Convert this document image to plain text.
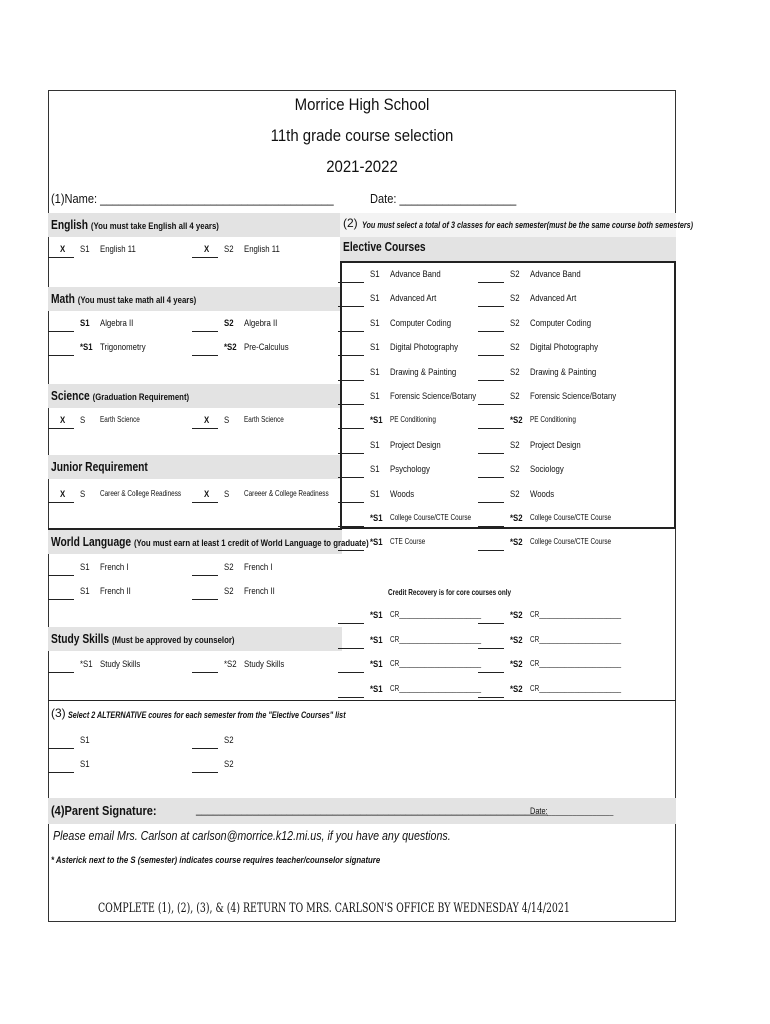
Morrice High School
11th grade course selection
2021-2022
(1)Name: ______________________________________	Date: ___________________
English (You must take English all 4 years)
X S1 English 11	X S2 English 11
Math (You must take math all 4 years)
S1 Algebra II	S2 Algebra II
*S1 Trigonometry	*S2 Pre-Calculus
Science (Graduation Requirement)
X S Earth Science	X S Earth Science
Junior Requirement
X S Career & College Readiness X S Careeer & College Readiness
World Language (You must earn at least 1 credit of World Language to graduate)
S1 French I	S2 French I
S1 French II	S2 French II
Study Skills (Must be approved by counselor)
*S1 Study Skills	*S2 Study Skills
(2) You must select a total of 3 classes for each semester(must be the same course both semesters)
Elective Courses
S1 Advance Band	S2 Advance Band
S1 Advanced Art	S2 Advanced Art
S1 Computer Coding	S2 Computer Coding
S1 Digital Photography	S2 Digital Photography
S1 Drawing & Painting	S2 Drawing & Painting
S1 Forensic Science/Botany	S2 Forensic Science/Botany
*S1 PE Conditioning	*S2 PE Conditioning
S1 Project Design	S2 Project Design
S1 Psychology	S2 Sociology
S1 Woods	S2 Woods
*S1 College Course/CTE Course	*S2 College Course/CTE Course
*S1 CTE Course	*S2 College Course/CTE Course
Credit Recovery is for core courses only
*S1 CR_______________________	*S2 CR_______________________
*S1 CR_______________________	*S2 CR_______________________
*S1 CR_______________________	*S2 CR_______________________
*S1 CR_______________________	*S2 CR_______________________
(3) Select 2 ALTERNATIVE coures for each semester from the "Elective Courses" list
S1	S2
S1	S2
(4)Parent Signature:	______________________________________________________________
Date:________________
Please email Mrs. Carlson at carlson@morrice.k12.mi.us, if you have any questions.
* Asterick next to the S (semester) indicates course requires teacher/counselor signature
COMPLETE (1), (2), (3), & (4) RETURN TO MRS. CARLSON'S OFFICE BY WEDNESDAY 4/14/2021
